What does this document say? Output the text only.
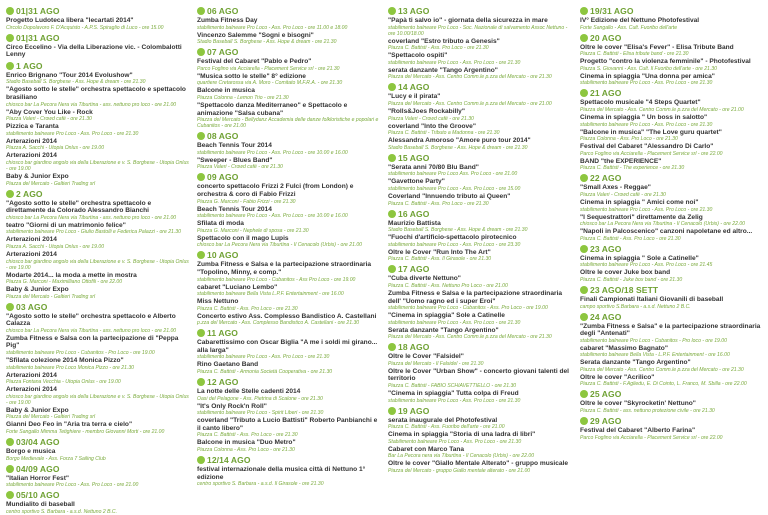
01|31 AGO
Progetto Ludoteca libera "lecartati 2014"
Circolo Dopolavoro F. D'Acquisto - A.P.S. Spiraglio di Luco - ore 15.00
01|31 AGO
Circo Eccelino - Via della Liberazione vic. - Colombalotti Lenny
1 AGO
Enrico Brignano "Tour 2014 Evolushow"
Stadio Baseball S. Borghese - Ass. Hope & dream - ore 21.30
"Agosto sotto le stelle" orchestra spettacolo e spettacolo brasiliano
chiosco bar La Pecora Nera via Tiburtina - ass. nettuno pro loco - ore 21.00
"Aby Cover You Like - Rock
Piazza Valeri - Crowd café - ore 21.30
Pizzica e Taranta
stabilimento balneare Pro Loco - Ass. Pro Loco - ore 21.30
Arterazioni 2014
Piazza A. Sacchi - Utopia Onlus - ore 19.00
Arterazioni 2014
chiosco bar giardino angolo via della Liberazione e v. S. Borghese - Utopia Onlus - ore 19.00
Baby & Junior Expo
Piazza del Mercato - Galtieri Trading srl
2 AGO
"Agosto sotto le stelle" orchestra spettacolo e direttamente da Colorado Alessandro Bianchi
chiosco bar La Pecora Nera via Tiburtina - ass. nettuno pro loco - ore 21.00
teatro "Giorni di un matrimonio felice"
stabilimento balneare Pro Loco - Giulio Bastolli e Federica Palazzi - ore 21.30
Arterazioni 2014
Piazza A. Sacchi - Utopia Onlus - ore 19.00
Arterazioni 2014
chiosco bar giardino angolo via della Liberazione e v. S. Borghese - Utopia Onlus - ore 19.00
Modarte 2014... la moda a mette in mostra
Piazza G. Marconi - Maximilliano Ottofili - ore 22.00
Baby & Junior Expo
Piazza del Mercato - Galtieri Trading srl
03 AGO
"Agosto sotto le stelle" orchestra spettacolo e Alberto Calazza
chiosco bar La Pecora Nera via Tiburtina - ass. nettuno pro loco - ore 21.00
Zumba Fitness e Salsa con la partecipazione di "Peppa Pig"
stabilimento balneare Pro Loco - Cubanitos - Pro Loco - ore 19.00
"Sfilata colezione 2014 Monica Pizzo"
stabilimento balneare Pro Loco Monica Pizzo - ore 21.30
Arterazioni 2014
Piazza Fontana Vecchia - Utopia Onlus - ore 19.00
Arterazioni 2014
chiosco bar giardino angolo via della Liberazione e v. S. Borghese - Utopia Onlus - ore 19.00
Baby & Junior Expo
Piazza del Mercato - Galtieri Trading srl
Gianni Deo Feo in "Aria tra terra e cielo"
Forte Sangallo Mimma Tetighiere - membro Giovanni Morti - ore 21.00
03/04 AGO
Borgo e musica
Borgo Medievale - Ass. Forza 7 Sailing Club
04/09 AGO
"Italian Horror Fest"
stabilimento balneare Pro Loco - Ass. Pro Loco - ore 21.00
05/10 AGO
Mundialito di baseball
centro sportivo S. Barbara - a.s.d. Nettuno 2 B.C.
06 AGO
Zumba Fitness Day
stabilimento balneare Pro Loco - Ass. Pro Loco - ore 11.00 e 18.00
Vincenzo Salemme "Sogni e bisogni"
Stadio Baseball S. Borghese - Ass. Hope & dream - ore 21.30
07 AGO
Festival del Cabaret "Pablo e Pedro"
Parco Foglino via Acciarella - Placement Service srl - ore 21.30
"Musica sotto le stelle" 8° edizione
quartiere Cretarossa via A. Moro - Comitato M.F.R.A. - ore 21.30
Balcone in musica
Piazza Colonna - Lemon Trio - ore 21.30
"Spettacolo danza Mediterraneo" e Spettacolo e animazione "Salsa cubana"
Piazza del Mercato - Bellydanz Accademia delle danze folkloristiche e popolari e Cubanitos - ore 21.00
08 AGO
Beach Tennis Tour 2014
stabilimento balneare Pro Loco - Ass. Pro Loco - ore 10.00 e 16.00
"Sweeper - Blues Band"
Piazza Valeri - Crowd café - ore 21.30
09 AGO
concerto spettacolo Frizzi 2 Fulci (from London) e orchestra & coro di Fabio Frizzi
Piazza G. Marconi - Fabio Frizzi - ore 21.30
Beach Tennis Tour 2014
stabilimento balneare Pro Loco - Ass. Pro Loco - ore 10.00 e 16.00
Sfilata di moda
Piazza G. Marconi - Nephele di sposa - ore 21.30
Spettacolo con il mago Lupis
chiosco bar La Pecora Nera via Tiburtina - Il Cenacolo (Urbis) - ore 21.00
10 AGO
Zumba Fitness e Salsa e la partecipazione straordinaria "Topolino, Minny, e comp."
stabilimento balneare Pro Loco - Cubanitos - Ass Pro Loco - ore 19.00
cabaret "Luciano Lembo"
stabilimento balneare Bella Vista L.P.F. Entertainment - ore 16.00
Miss Nettuno
Piazza C. Battisti - Ass. Pro Loco - ore 21.30
Concerto estivo Ass. Complesso Bandistico A. Castellani
p.zza del Mercato - Ass. Complesso Bandistico A. Castellani - ore 21.30
11 AGO
Cabarettissimo con Oscar Biglia "A me i soldi mi girano... alla larga"
stabilimento balneare Pro Loco - Ass. Pro Loco - ore 21.30
Rino Gaetano Band
Piazza C. Battisti - Armonia Società Cooperativa - ore 21.30
12 AGO
La notte delle Stelle cadenti 2014
Oasi del Pelagone - Ass. Pietrina di Scalone - ore 21.30
"It's Only Rock'n Roll"
stabilimento balneare Pro Loco - Spirit Liberi - ore 21.30
coverland "Tributo a Lucio Battisti" Roberto Panbianchi e il canto libero"
Piazza C. Battisti - Ass. Pro Loco - ore 21.30
Balcone in musica "Duo Metro"
Piazza Colonna - Ass. Pro Loco - ore 21.30
12/14 AGO
festival internazionale della musica città di Nettuno 1° edizione
centro sportivo S. Barbara - a.s.d. Il Girasole - ore 21.30
13 AGO
"Papà ti salvo io" - giornata della sicurezza in mare
stabilimento balneare Pro Loco - Soc. Nazionale di salvamento Assoc Nettuno - ore 10.00/18.00
coverland "Estro tributo a Genesis"
Piazza C. Battisti - Ass. Pro Loco - ore 21.30
"Spettacolo ospiti"
stabilimento balneare Pro Loco - Ass. Pro Loco - ore 21.30
serata danzante "Tango Argentino"
Piazza del Mercato - Ass. Centro Comm.le p.zza del Mercato - ore 21.30
14 AGO
"Lucy e il pirata"
Piazza del Mercato - Ass. Centro Comm.le p.zza del Mercato - ore 21.00
"Rolls&Joes Rockabilly"
Piazza Valeri - Crowd café - ore 21.30
coverland "Into the Groove"
Piazza C. Battisti - Tributo a Madonna - ore 21.30
Alessandra Amoroso "Amore puro tour 2014"
Stadio Baseball S. Borghese - Ass. Hope & dream - ore 21.30
15 AGO
"Serata anni 70/80 Blu Band"
stabilimento balneare Pro Loco Ass. Pro Loco - ore 21.00
"Gavettone Party"
stabilimento balneare Pro Loco - Ass. Pro Loco - ore 15.00
Coverland "Innuendo tributo ai Queen"
Piazza C. Battisti - Ass. Pro Loco - ore 21.30
16 AGO
Maurizio Battista
Stadio Baseball S. Borghese - Ass. Hope & dream - ore 21.30
"Fuochi d'artificio-spettacolo pirotecnico
stabilimento balneare Pro Loco - Ass. Pro Loco - ore 23.30
Oltre le Cover "Run Into The Art"
Piazza C. Battisti - Ass. Il Girasole - ore 21.30
17 AGO
"Cuba diverte Nettuno"
Piazza C. Battisti - Ass. Nettuno Pro Loco - ore 21.00
Zumba Fitness e Salsa e la partecipazione straordinaria dell' "Uomo ragno ed i super Eroi"
stabilimento balneare Pro Loco - Cubanitos - Ass. Pro Loco - ore 19.00
"Cinema in spiaggia" Sole a Catinelle
stabilimento balneare Pro Loco - Ass. Pro Loco - ore 21.30
Serata danzante "Tango Argentino"
Piazza del Mercato - Ass. Centro Comm.le p.zza del Mercato - ore 21.30
18 AGO
Oltre le Cover "Falsidel"
Piazza del Mercato - Il Falsidel - ore 21.30
Oltre le Cover "Urban Show" - concerto giovani talenti del territorio
Piazza C. Battisti - FABIO SCHIAVETTIELLO - ore 21.30
"Cinema in spiaggia" Tutta colpa di Freud
stabilimento balneare Pro Loco - Ass. Pro Loco - ore 21.30
19 AGO
serata inaugurale del Photofestival
Piazza C. Battisti - Ass. Fuoribo dell'arte - ore 21.00
Cinema in spiaggia "Storia di una ladra di libri"
Stabilimento balneare Pro Loco - Ass. Pro Loco - ore 21.30
Cabaret con Marco Tana
Bar La Pecora nera via Tiburtina - Il Cenacolo (Urbis) - ore 22.00
Oltre le cover "Giallo Mentale Alterato" - gruppo musicale
Piazza del Mercato - gruppo Giallo mentale alterato - ore 21.00
19/31 AGO
IV° Edizione del Nettuno Photofestival
Forte Sangallo - Ass. Cult. Fuoribo dell'arte
20 AGO
Oltre le cover "Elisa's Fever" - Elisa Tribute Band
Piazza C. Battisti - Elisa tribute band - ore 21.30
Progetto "contro la violenza femminile" - Photofestival
Piazza S. Giovanni - Ass. Cult. Il Fuoribo dell'arte - ore 21.30
Cinema in spiaggia "Una donna per amica"
stabilimento balneare Pro Loco - Ass. Pro Loco - ore 21.30
21 AGO
Spettacolo musicale "4 Steps Quartet"
Piazza del Mercato - Ass. Centro Comm.le p.zza del Mercato - ore 21.00
Cinema in spiaggia " Un boss in salotto"
stabilimento balneare Pro Loco - Ass. Pro Loco - ore 21.30
"Balcone in musica" "The Love guru quartet"
Piazza Colonna - Ass. Pro Loco - ore 21.30
Festival del Cabaret "Alessandro Di Carlo"
Parco Foglino via Acciarella - Placement Service srl - ore 22.00
BAND "the EXPERIENCE"
Piazza C. Battisti - The experience - ore 21.30
22 AGO
"Small Axes - Reggae"
Piazza Valeri - Crowd café - ore 21.30
Cinema in spiaggia " Amici come noi"
stabilimento balneare Pro Loco - Ass. Pro Loco - ore 21.30
"I Sequestrattori" direttamente da Zelig
chiosco bar La Pecora Nera via Tiburtina - Il Cenacolo (Urbis) - ore 22.00
"Napoli in Palcoscenico" canzoni napoletane ed altro...
Piazza C. Battisti - Ass. Pro Loco - ore 21.30
23 AGO
Cinema in spiaggia " Sole a Catinelle"
stabilimento balneare Pro Loco - Ass. Pro Loco - ore 21.45
Oltre le cover Juke box band
Piazza C. Battisti - Juke box band - ore 21.30
23 AGO/18 SETT
Finali Campionati Italiani Giovanili di baseball
campo sportivo S.Barbara - a.s.d. Nettuno 2 B.C.
24 AGO
"Zumba Fitness e Salsa" e la partecipazione straordinaria degli "Antenati"
stabilimento balneare Pro Loco - Cubanitos - Pro loco - ore 19.00
cabaret "Massimo Bagnato"
stabilimento balneare Bella Vista - L.P.F. Entertainment - ore 16.00
Serata danzante "Tango Argentino"
Piazza del Mercato - Ass. Centro Comm.le p.zza del Mercato - ore 21.30
Oltre le cover "Acrilico"
Piazza C. Battisti - F.Agliedu, E. Di Cointo, L. Franco, M. Sbilla - ore 22.00
25 AGO
Oltre le cover "Skyrocketin' Nettuno"
Piazza C. Battisti - ass. nettuno protezione civile - ore 21.30
29 AGO
Festival del Cabaret "Alberto Farina"
Parco Foglino via Acciarella - Placement Service srl - ore 22.00
